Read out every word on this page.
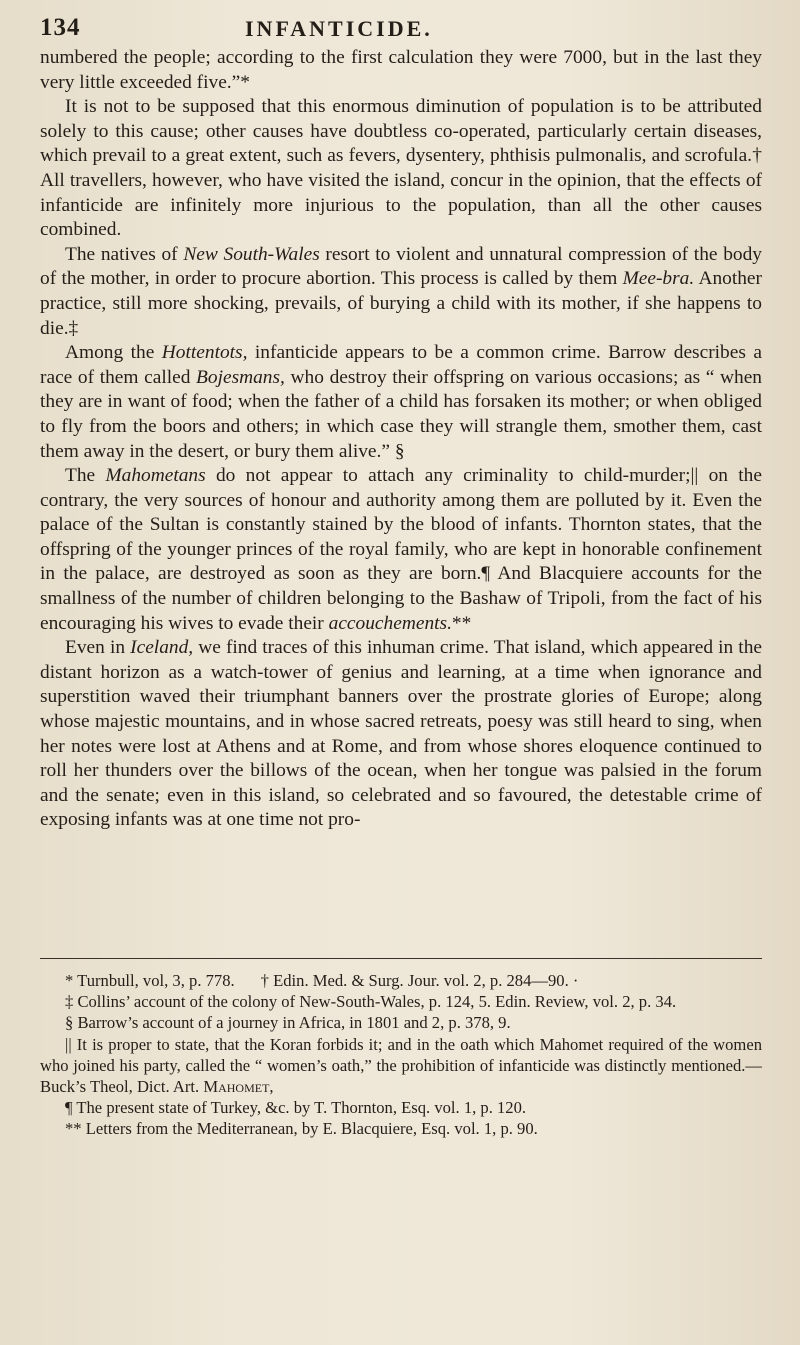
134	INFANTICIDE.

numbered the people; according to the first calculation they were 7000, but in the last they very little exceeded five.”*

It is not to be supposed that this enormous diminution of population is to be attributed solely to this cause; other causes have doubtless co-operated, particularly certain diseases, which prevail to a great extent, such as fevers, dysentery, phthisis pulmonalis, and scrofula.† All travellers, however, who have visited the island, concur in the opinion, that the effects of infanticide are infinitely more injurious to the population, than all the other causes combined.

The natives of New South-Wales resort to violent and unnatural compression of the body of the mother, in order to procure abortion. This process is called by them Mee-bra. Another practice, still more shocking, prevails, of burying a child with its mother, if she happens to die.‡

Among the Hottentots, infanticide appears to be a common crime. Barrow describes a race of them called Bojesmans, who destroy their offspring on various occasions; as “ when they are in want of food; when the father of a child has forsaken its mother; or when obliged to fly from the boors and others; in which case they will strangle them, smother them, cast them away in the desert, or bury them alive.” §

The Mahometans do not appear to attach any criminality to child-murder;|| on the contrary, the very sources of honour and authority among them are polluted by it. Even the palace of the Sultan is constantly stained by the blood of infants. Thornton states, that the offspring of the younger princes of the royal family, who are kept in honorable confinement in the palace, are destroyed as soon as they are born.¶ And Blacquiere accounts for the smallness of the number of children belonging to the Bashaw of Tripoli, from the fact of his encouraging his wives to evade their accouchements.**

Even in Iceland, we find traces of this inhuman crime. That island, which appeared in the distant horizon as a watch-tower of genius and learning, at a time when ignorance and superstition waved their triumphant banners over the prostrate glories of Europe; along whose majestic mountains, and in whose sacred retreats, poesy was still heard to sing, when her notes were lost at Athens and at Rome, and from whose shores eloquence continued to roll her thunders over the billows of the ocean, when her tongue was palsied in the forum and the senate; even in this island, so celebrated and so favoured, the detestable crime of exposing infants was at one time not pro-

* Turnbull, vol, 3, p. 778. † Edin. Med. & Surg. Jour. vol. 2, p. 284—90. ·

‡ Collins’ account of the colony of New-South-Wales, p. 124, 5. Edin. Review, vol. 2, p. 34.

§ Barrow’s account of a journey in Africa, in 1801 and 2, p. 378, 9.

|| It is proper to state, that the Koran forbids it; and in the oath which Mahomet required of the women who joined his party, called the “ women’s oath,” the prohibition of infanticide was distinctly mentioned.—Buck’s Theol, Dict. Art. Mahomet,

¶ The present state of Turkey, &c. by T. Thornton, Esq. vol. 1, p. 120.

** Letters from the Mediterranean, by E. Blacquiere, Esq. vol. 1, p. 90.
